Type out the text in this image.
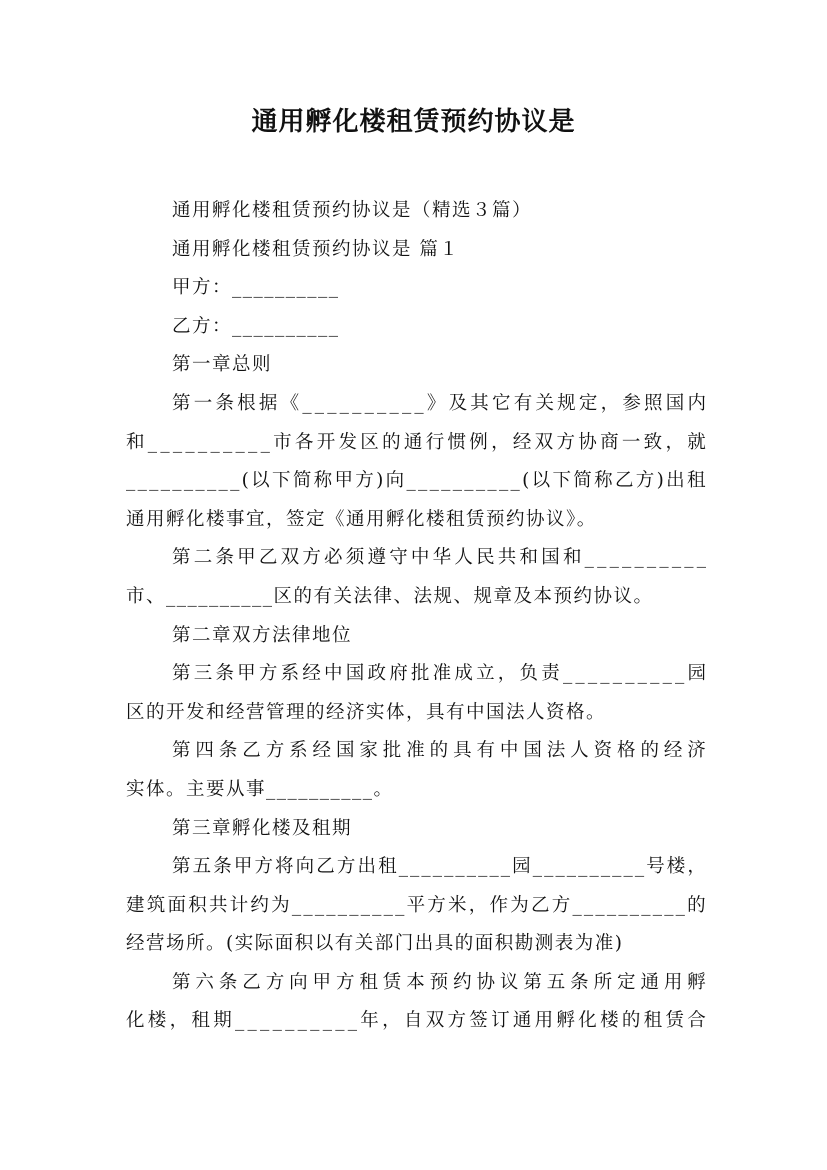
通用孵化楼租赁预约协议是
通用孵化楼租赁预约协议是（精选３篇）
通用孵化楼租赁预约协议是 篇１
甲方：__________
乙方：__________
第一章总则
第 一 条 根 据 《 _ _ _ _ _ _ _ _ _ _ 》 及 其 它 有 关 规 定 ， 参 照 国 内
和 _ _ _ _ _ _ _ _ _ _ 市 各 开 发 区 的 通 行 惯 例 ， 经 双 方 协 商 一 致 ， 就
_ _ _ _ _ _ _ _ _ _ ( 以 下 简 称 甲 方 ) 向 _ _ _ _ _ _ _ _ _ _ ( 以 下 简 称 乙 方 ) 出 租
通用孵化楼事宜，签定《通用孵化楼租赁预约协议》。
第 二 条 甲 乙 双 方 必 须 遵 守 中 华 人 民 共 和 国 和 _ _ _ _ _ _ _ _ _ _
市、__________区的有关法律、法规、规章及本预约协议。
第二章双方法律地位
第 三 条 甲 方 系 经 中 国 政 府 批 准 成 立 ， 负 责 _ _ _ _ _ _ _ _ _ _ 园
区的开发和经营管理的经济实体，具有中国法人资格。
第 四 条 乙 方 系 经 国 家 批 准 的 具 有 中 国 法 人 资 格 的 经 济
实体。主要从事__________。
第三章孵化楼及租期
第 五 条 甲 方 将 向 乙 方 出 租 _ _ _ _ _ _ _ _ _ _ 园 _ _ _ _ _ _ _ _ _ _ 号 楼 ，
建 筑 面 积 共 计 约 为 _ _ _ _ _ _ _ _ _ _ 平 方 米 ， 作 为 乙 方 _ _ _ _ _ _ _ _ _ _ 的
经营场所。(实际面积以有关部门出具的面积勘测表为准)
第 六 条 乙 方 向 甲 方 租 赁 本 预 约 协 议 第 五 条 所 定 通 用 孵
化 楼 ， 租 期 _ _ _ _ _ _ _ _ _ _ 年 ， 自 双 方 签 订 通 用 孵 化 楼 的 租 赁 合
